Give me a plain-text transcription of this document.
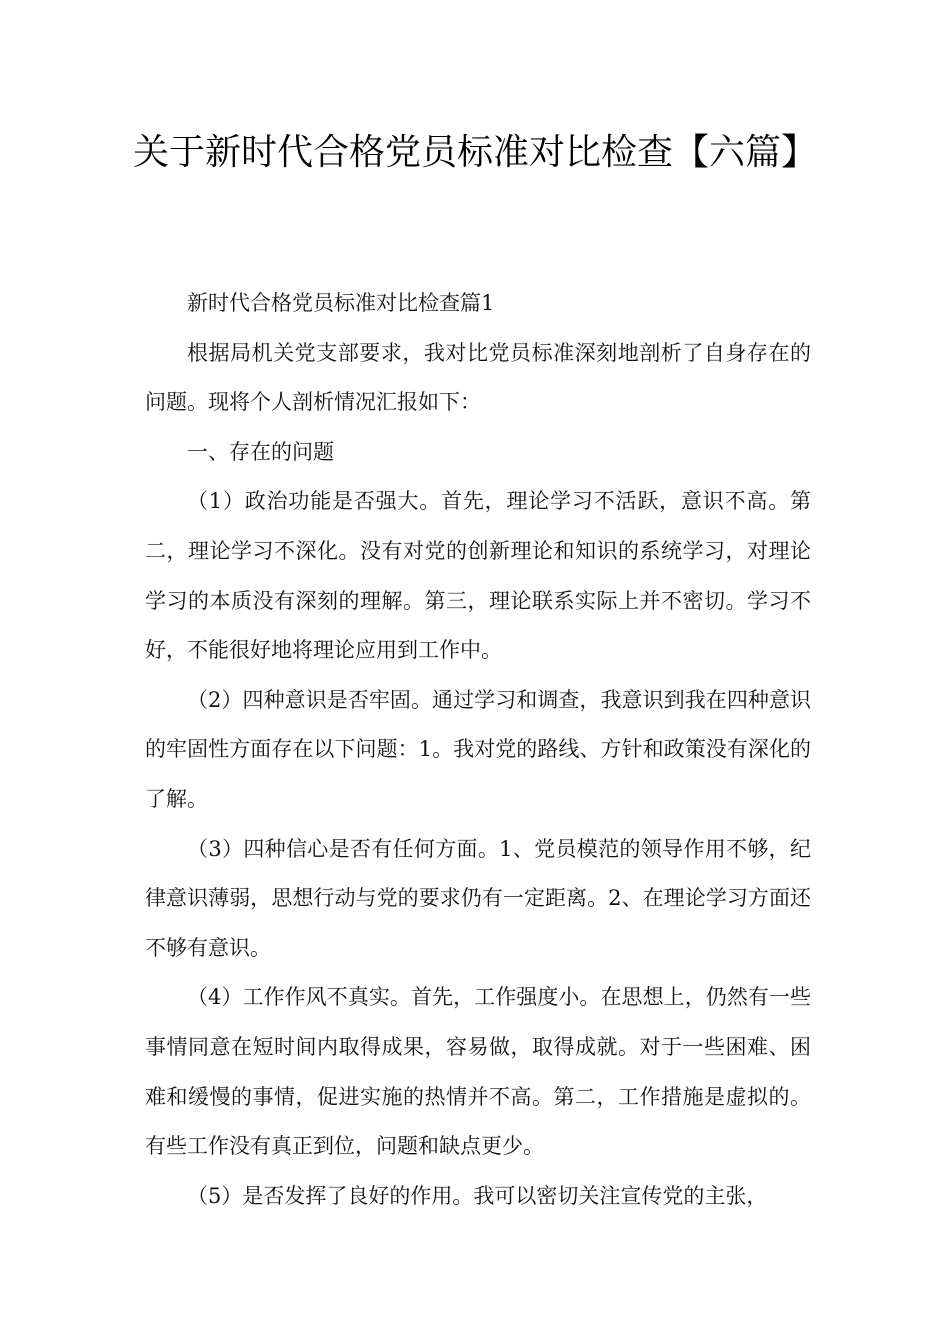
关于新时代合格党员标准对比检查【六篇】

新时代合格党员标准对比检查篇1

根据局机关党支部要求，我对比党员标准深刻地剖析了自身存在的问题。现将个人剖析情况汇报如下：

一、存在的问题

（1）政治功能是否强大。首先，理论学习不活跃，意识不高。第二，理论学习不深化。没有对党的创新理论和知识的系统学习，对理论学习的本质没有深刻的理解。第三，理论联系实际上并不密切。学习不好，不能很好地将理论应用到工作中。

（2）四种意识是否牢固。通过学习和调查，我意识到我在四种意识的牢固性方面存在以下问题：1。我对党的路线、方针和政策没有深化的了解。

（3）四种信心是否有任何方面。1、党员模范的领导作用不够，纪律意识薄弱，思想行动与党的要求仍有一定距离。2、在理论学习方面还不够有意识。

（4）工作作风不真实。首先，工作强度小。在思想上，仍然有一些事情同意在短时间内取得成果，容易做，取得成就。对于一些困难、困难和缓慢的事情，促进实施的热情并不高。第二，工作措施是虚拟的。有些工作没有真正到位，问题和缺点更少。

（5）是否发挥了良好的作用。我可以密切关注宣传党的主张，
